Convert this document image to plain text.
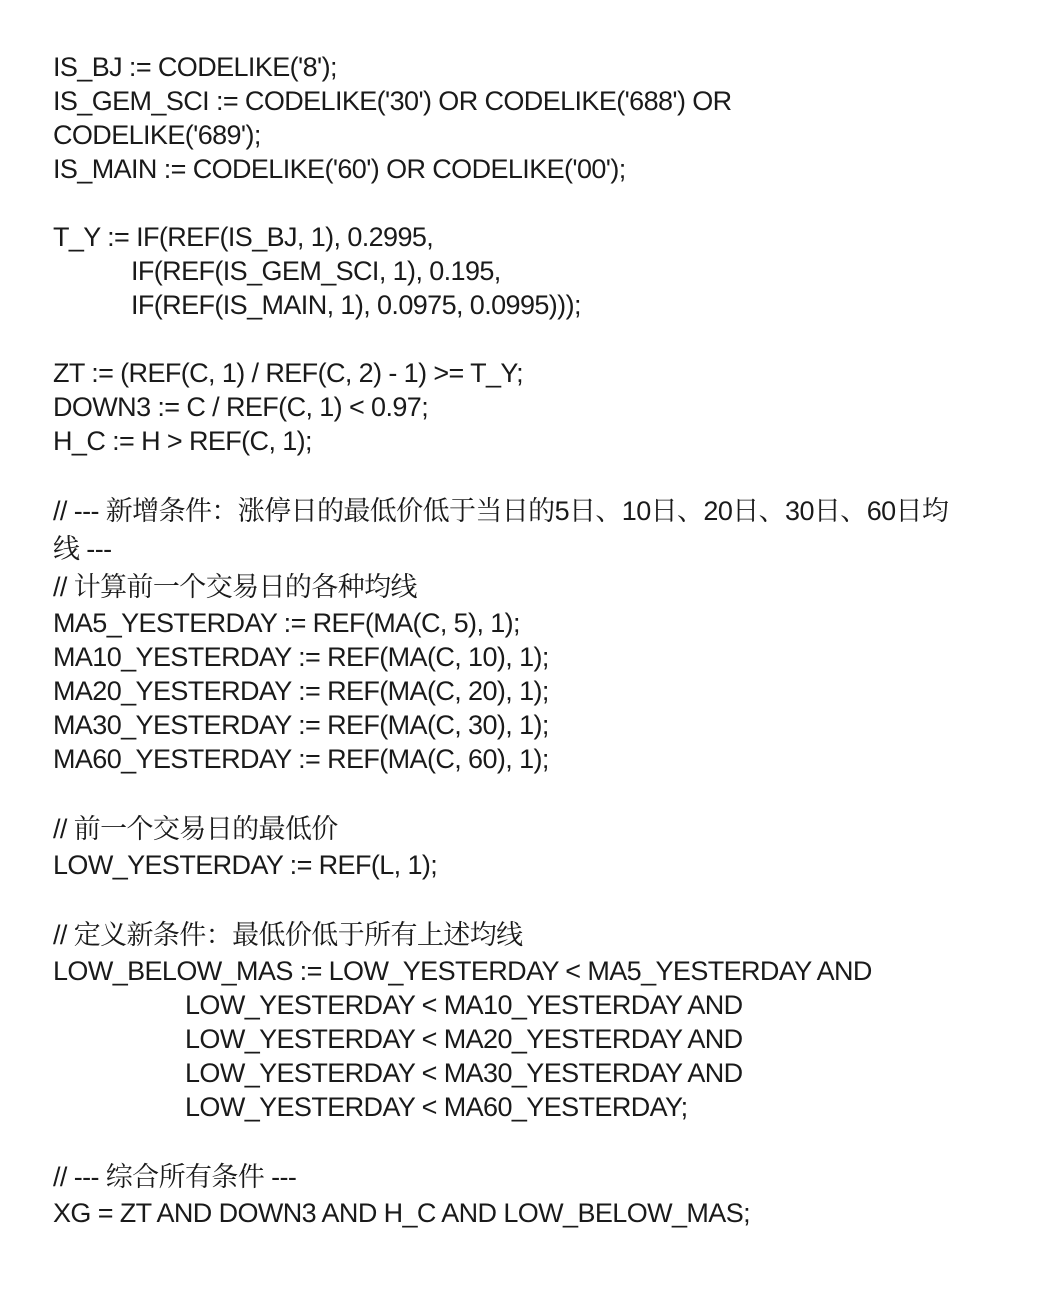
IS_BJ := CODELIKE('8');
IS_GEM_SCI := CODELIKE('30') OR CODELIKE('688') OR
CODELIKE('689');
IS_MAIN := CODELIKE('60') OR CODELIKE('00');
T_Y := IF(REF(IS_BJ, 1), 0.2995,
IF(REF(IS_GEM_SCI, 1), 0.195,
IF(REF(IS_MAIN, 1), 0.0975, 0.0995)));
ZT := (REF(C, 1) / REF(C, 2) - 1) >= T_Y;
DOWN3 := C / REF(C, 1) < 0.97;
H_C := H > REF(C, 1);
// --- 新增条件：涨停日的最低价低于当日的5日、10日、20日、30日、60日均
线 ---
// 计算前一个交易日的各种均线
MA5_YESTERDAY := REF(MA(C, 5), 1);
MA10_YESTERDAY := REF(MA(C, 10), 1);
MA20_YESTERDAY := REF(MA(C, 20), 1);
MA30_YESTERDAY := REF(MA(C, 30), 1);
MA60_YESTERDAY := REF(MA(C, 60), 1);
// 前一个交易日的最低价
LOW_YESTERDAY := REF(L, 1);
// 定义新条件：最低价低于所有上述均线
LOW_BELOW_MAS := LOW_YESTERDAY < MA5_YESTERDAY AND
LOW_YESTERDAY < MA10_YESTERDAY AND
LOW_YESTERDAY < MA20_YESTERDAY AND
LOW_YESTERDAY < MA30_YESTERDAY AND
LOW_YESTERDAY < MA60_YESTERDAY;
// --- 综合所有条件 ---
XG = ZT AND DOWN3 AND H_C AND LOW_BELOW_MAS;
